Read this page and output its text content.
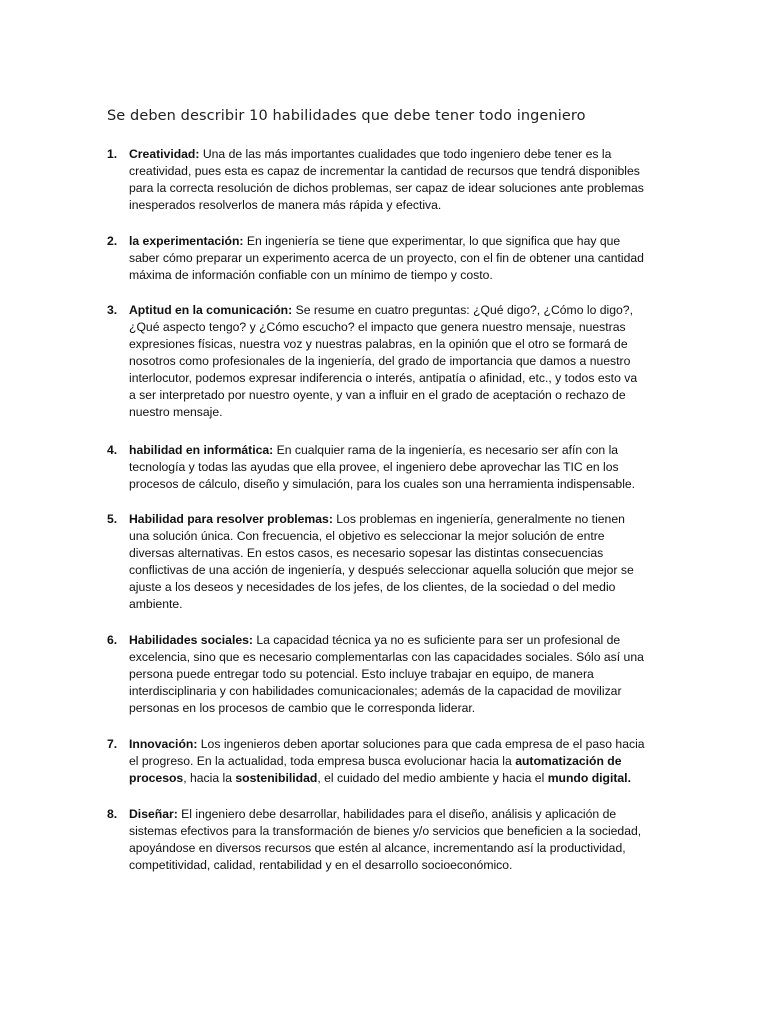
Se deben describir 10 habilidades que debe tener todo ingeniero
1. Creatividad: Una de las más importantes cualidades que todo ingeniero debe tener es la creatividad, pues esta es capaz de incrementar la cantidad de recursos que tendrá disponibles para la correcta resolución de dichos problemas, ser capaz de idear soluciones ante problemas inesperados resolverlos de manera más rápida y efectiva.
2. la experimentación: En ingeniería se tiene que experimentar, lo que significa que hay que saber cómo preparar un experimento acerca de un proyecto, con el fin de obtener una cantidad máxima de información confiable con un mínimo de tiempo y costo.
3. Aptitud en la comunicación: Se resume en cuatro preguntas: ¿Qué digo?, ¿Cómo lo digo?, ¿Qué aspecto tengo? y ¿Cómo escucho? el impacto que genera nuestro mensaje, nuestras expresiones físicas, nuestra voz y nuestras palabras, en la opinión que el otro se formará de nosotros como profesionales de la ingeniería, del grado de importancia que damos a nuestro interlocutor, podemos expresar indiferencia o interés, antipatía o afinidad, etc., y todos esto va a ser interpretado por nuestro oyente, y van a influir en el grado de aceptación o rechazo de nuestro mensaje.
4. habilidad en informática: En cualquier rama de la ingeniería, es necesario ser afín con la tecnología y todas las ayudas que ella provee, el ingeniero debe aprovechar las TIC en los procesos de cálculo, diseño y simulación, para los cuales son una herramienta indispensable.
5. Habilidad para resolver problemas: Los problemas en ingeniería, generalmente no tienen una solución única. Con frecuencia, el objetivo es seleccionar la mejor solución de entre diversas alternativas. En estos casos, es necesario sopesar las distintas consecuencias conflictivas de una acción de ingeniería, y después seleccionar aquella solución que mejor se ajuste a los deseos y necesidades de los jefes, de los clientes, de la sociedad o del medio ambiente.
6. Habilidades sociales: La capacidad técnica ya no es suficiente para ser un profesional de excelencia, sino que es necesario complementarlas con las capacidades sociales. Sólo así una persona puede entregar todo su potencial. Esto incluye trabajar en equipo, de manera interdisciplinaria y con habilidades comunicacionales; además de la capacidad de movilizar personas en los procesos de cambio que le corresponda liderar.
7. Innovación: Los ingenieros deben aportar soluciones para que cada empresa de el paso hacia el progreso. En la actualidad, toda empresa busca evolucionar hacia la automatización de procesos, hacia la sostenibilidad, el cuidado del medio ambiente y hacia el mundo digital.
8. Diseñar: El ingeniero debe desarrollar, habilidades para el diseño, análisis y aplicación de sistemas efectivos para la transformación de bienes y/o servicios que beneficien a la sociedad, apoyándose en diversos recursos que estén al alcance, incrementando así la productividad, competitividad, calidad, rentabilidad y en el desarrollo socioeconómico.
